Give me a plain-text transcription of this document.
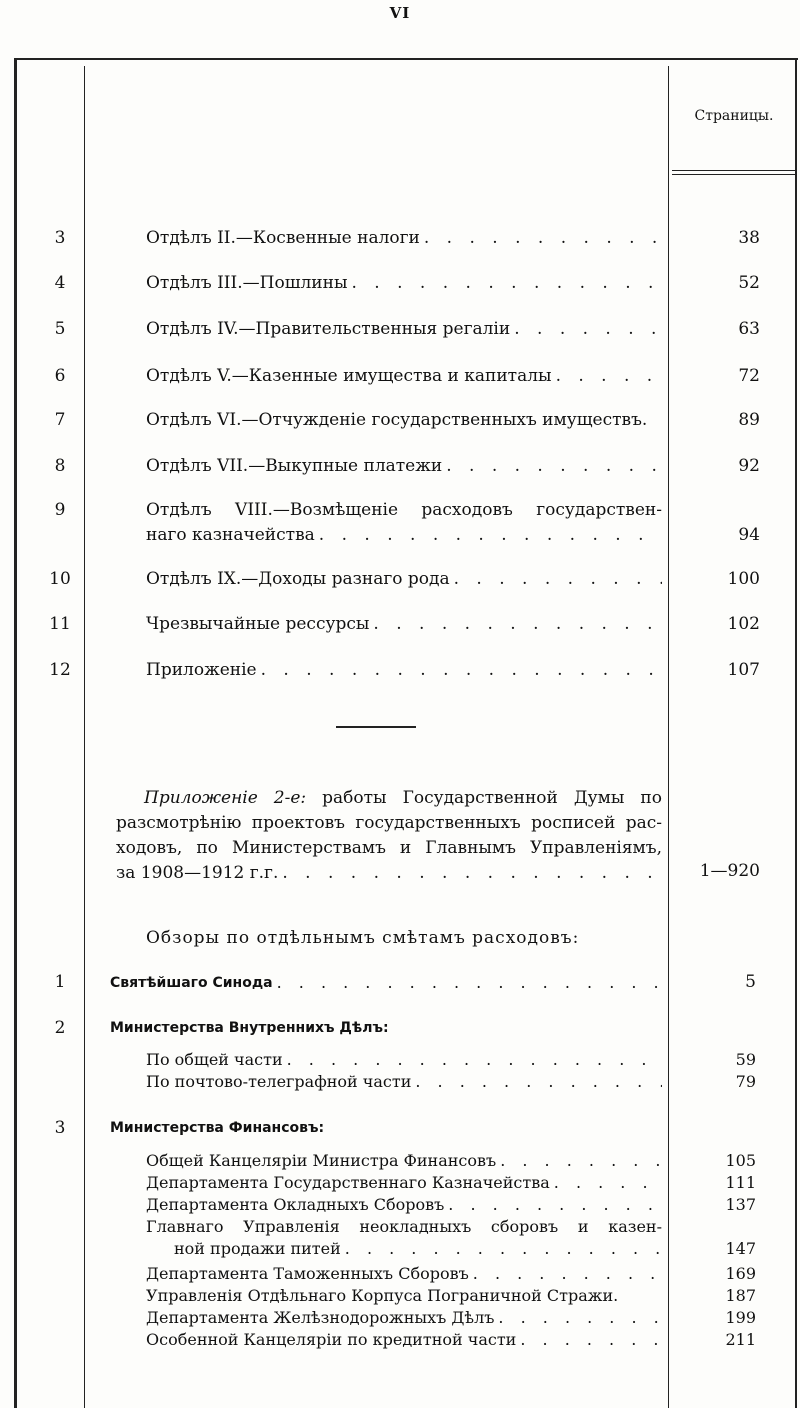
VI
Страницы.
3	Отдѣлъ II.—Косвенные налоги . . .	38
4	Отдѣлъ III.—Пошлины . . .	52
5	Отдѣлъ IV.—Правительственныя регалiи . . .	63
6	Отдѣлъ V.—Казенные имущества и капиталы . . .	72
7	Отдѣлъ VI.—Отчужденiе государственныхъ имуществъ.	89
8	Отдѣлъ VII.—Выкупные платежи . . .	92
9	Отдѣлъ VIII.—Возмѣщенiе расходовъ государствен-
наго казначейства . . .	94
10	Отдѣлъ IX.—Доходы разнаго рода . . .	100
11	Чрезвычайные рессурсы . . .	102
12	Приложенiе . . .	107
Приложенiе 2-е: работы Государственной Думы по
разсмотрѣнiю проектовъ государственныхъ росписей рас-
ходовъ, по Министерствамъ и Главнымъ Управленiямъ,
за 1908—1912 г.г. . . .	1—920
Обзоры по отдѣльнымъ смѣтамъ расходовъ:
1	Святѣйшаго Синода . . .	5
2	Министерства Внутреннихъ Дѣлъ:
По общей части . . .	59
По почтово-телеграфной части . . .	79
3	Министерства Финансовъ:
Общей Канцелярiи Министра Финансовъ . . .	105
Департамента Государственнаго Казначейства . . .	111
Департамента Окладныхъ Сборовъ . . .	137
Главнаго Управленiя неокладныхъ сборовъ и казен-
ной продажи питей . . .	147
Департамента Таможенныхъ Сборовъ . . .	169
Управленiя Отдѣльнаго Корпуса Пограничной Стражи.	187
Департамента Желѣзнодорожныхъ Дѣлъ . . .	199
Особенной Канцелярiи по кредитной части . . .	211
